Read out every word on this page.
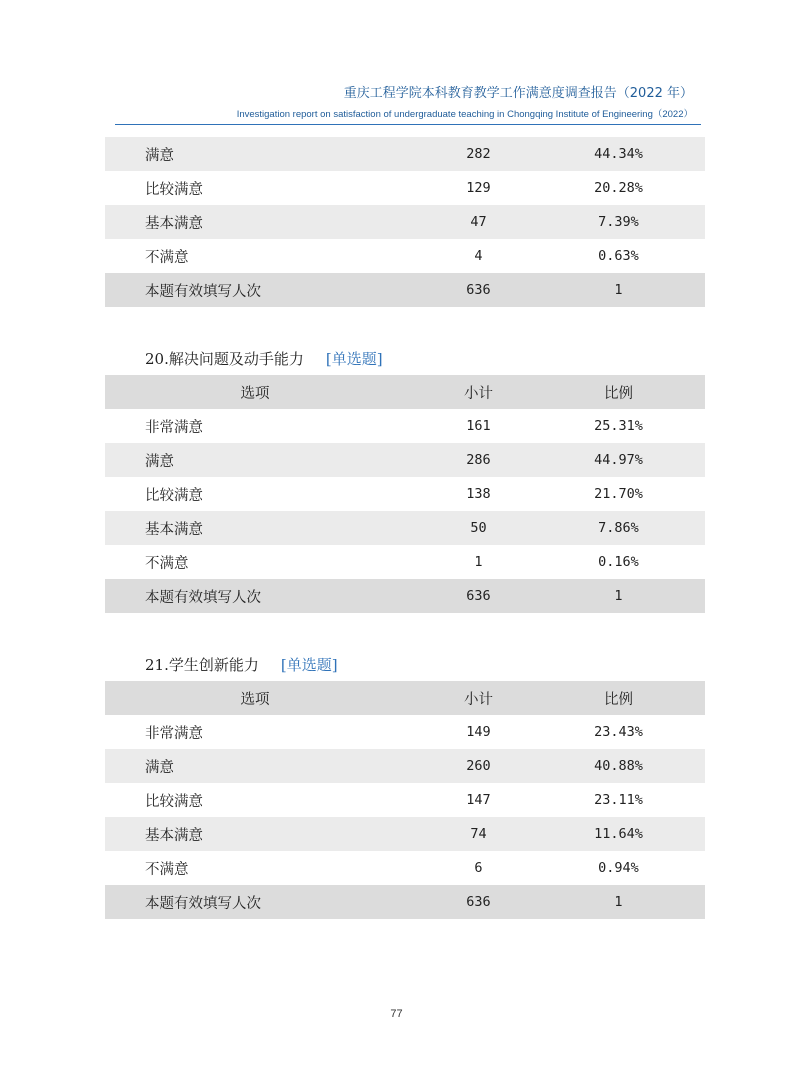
重庆工程学院本科教育教学工作满意度调查报告（2022 年）
Investigation report on satisfaction of undergraduate teaching in Chongqing Institute of Engineering（2022）
满意	282	44.34%
比较满意	129	20.28%
基本满意	47	7.39%
不满意	4	0.63%
本题有效填写人次	636	1
20.解决问题及动手能力 [单选题]
选项	小计	比例
非常满意	161	25.31%
满意	286	44.97%
比较满意	138	21.70%
基本满意	50	7.86%
不满意	1	0.16%
本题有效填写人次	636	1
21.学生创新能力 [单选题]
选项	小计	比例
非常满意	149	23.43%
满意	260	40.88%
比较满意	147	23.11%
基本满意	74	11.64%
不满意	6	0.94%
本题有效填写人次	636	1
77
